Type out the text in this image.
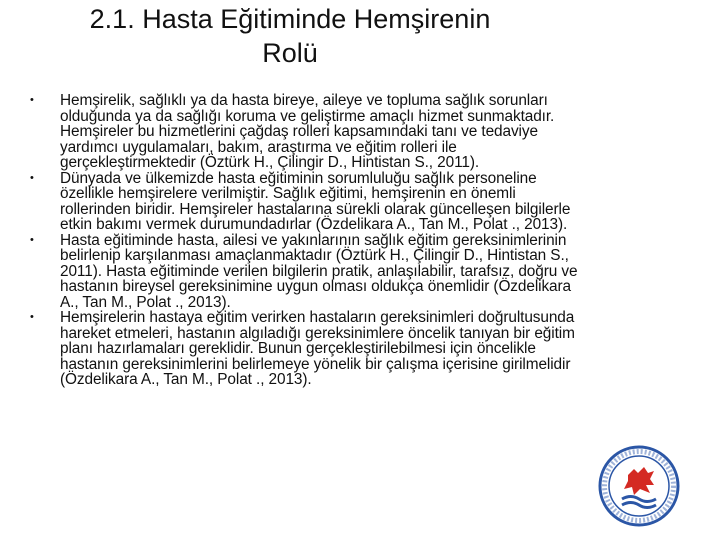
2.1. Hasta Eğitiminde Hemşirenin
Rolü
• Hemşirelik, sağlıklı ya da hasta bireye, aileye ve topluma sağlık sorunları olduğunda ya da sağlığı koruma ve geliştirme amaçlı hizmet sunmaktadır. Hemşireler bu hizmetlerini çağdaş rolleri kapsamındaki tanı ve tedaviye yardımcı uygulamaları, bakım, araştırma ve eğitim rolleri ile gerçekleştirmektedir (Öztürk H., Çilingir D., Hintistan S., 2011).
• Dünyada ve ülkemizde hasta eğitiminin sorumluluğu sağlık personeline özellikle hemşirelere verilmiştir. Sağlık eğitimi, hemşirenin en önemli rollerinden biridir. Hemşireler hastalarına sürekli olarak güncelleşen bilgilerle etkin bakımı vermek durumundadırlar (Özdelikara A., Tan M., Polat ., 2013).
• Hasta eğitiminde hasta, ailesi ve yakınlarının sağlık eğitim gereksinimlerinin belirlenip karşılanması amaçlanmaktadır (Öztürk H., Çilingir D., Hintistan S., 2011). Hasta eğitiminde verilen bilgilerin pratik, anlaşılabilir, tarafsız, doğru ve hastanın bireysel gereksinimine uygun olması oldukça önemlidir (Özdelikara A., Tan M., Polat ., 2013).
• Hemşirelerin hastaya eğitim verirken hastaların gereksinimleri doğrultusunda hareket etmeleri, hastanın algıladığı gereksinimlere öncelik tanıyan bir eğitim planı hazırlamaları gereklidir. Bunun gerçekleştirilebilmesi için öncelikle hastanın gereksinimlerini belirlemeye yönelik bir çalışma içerisine girilmelidir (Özdelikara A., Tan M., Polat ., 2013).
